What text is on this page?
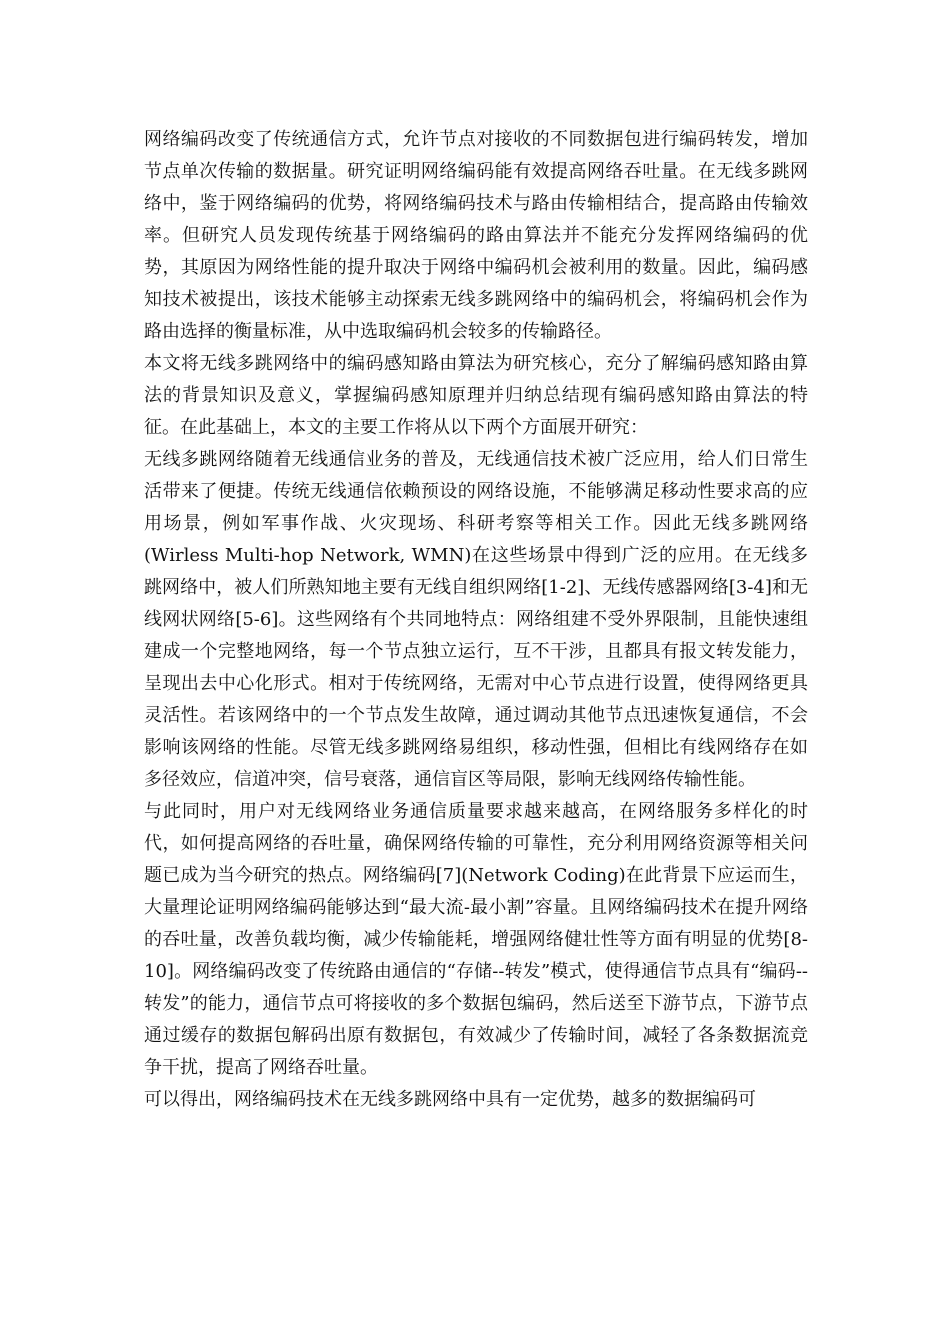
网络编码改变了传统通信方式，允许节点对接收的不同数据包进行编码转发，增加节点单次传输的数据量。研究证明网络编码能有效提高网络吞吐量。在无线多跳网络中，鉴于网络编码的优势，将网络编码技术与路由传输相结合，提高路由传输效率。但研究人员发现传统基于网络编码的路由算法并不能充分发挥网络编码的优势，其原因为网络性能的提升取决于网络中编码机会被利用的数量。因此，编码感知技术被提出，该技术能够主动探索无线多跳网络中的编码机会，将编码机会作为路由选择的衡量标准，从中选取编码机会较多的传输路径。

本文将无线多跳网络中的编码感知路由算法为研究核心，充分了解编码感知路由算法的背景知识及意义，掌握编码感知原理并归纳总结现有编码感知路由算法的特征。在此基础上，本文的主要工作将从以下两个方面展开研究：

无线多跳网络随着无线通信业务的普及，无线通信技术被广泛应用，给人们日常生活带来了便捷。传统无线通信依赖预设的网络设施，不能够满足移动性要求高的应用场景，例如军事作战、火灾现场、科研考察等相关工作。因此无线多跳网络(Wirless Multi-hop Network, WMN)在这些场景中得到广泛的应用。在无线多跳网络中，被人们所熟知地主要有无线自组织网络[1-2]、无线传感器网络[3-4]和无线网状网络[5-6]。这些网络有个共同地特点：网络组建不受外界限制，且能快速组建成一个完整地网络，每一个节点独立运行，互不干涉，且都具有报文转发能力，呈现出去中心化形式。相对于传统网络，无需对中心节点进行设置，使得网络更具灵活性。若该网络中的一个节点发生故障，通过调动其他节点迅速恢复通信，不会影响该网络的性能。尽管无线多跳网络易组织，移动性强，但相比有线网络存在如多径效应，信道冲突，信号衰落，通信盲区等局限，影响无线网络传输性能。

与此同时，用户对无线网络业务通信质量要求越来越高，在网络服务多样化的时代，如何提高网络的吞吐量，确保网络传输的可靠性，充分利用网络资源等相关问题已成为当今研究的热点。网络编码[7](Network Coding)在此背景下应运而生，大量理论证明网络编码能够达到“最大流-最小割”容量。且网络编码技术在提升网络的吞吐量，改善负载均衡，减少传输能耗，增强网络健壮性等方面有明显的优势[8-10]。网络编码改变了传统路由通信的“存储--转发”模式，使得通信节点具有“编码--转发”的能力，通信节点可将接收的多个数据包编码，然后送至下游节点，下游节点通过缓存的数据包解码出原有数据包，有效减少了传输时间，减轻了各条数据流竞争干扰，提高了网络吞吐量。

可以得出，网络编码技术在无线多跳网络中具有一定优势，越多的数据编码可
